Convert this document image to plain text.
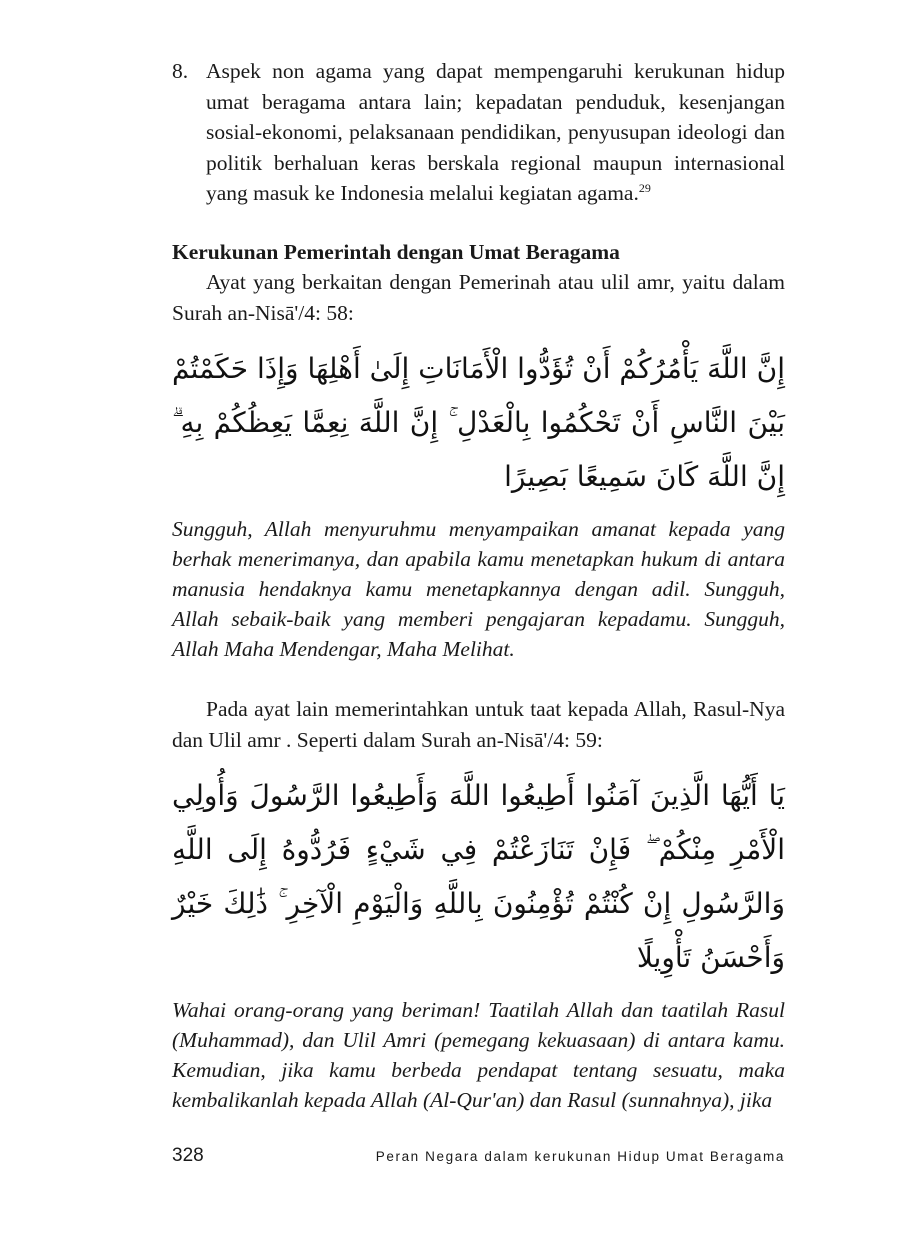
8. Aspek non agama yang dapat mempengaruhi kerukunan hidup umat beragama antara lain; kepadatan penduduk, kesenjangan sosial-ekonomi, pelaksanaan pendidikan, penyusupan ideologi dan politik berhaluan keras berskala regional maupun internasional yang masuk ke Indonesia melalui kegiatan agama.$^{29}$
Kerukunan Pemerintah dengan Umat Beragama
Ayat yang berkaitan dengan Pemerinah atau ulil amr, yaitu dalam Surah an-Nisā'/4: 58:
إِنَّ اللَّهَ يَأْمُرُكُمْ أَنْ تُؤَدُّوا الْأَمَانَاتِ إِلَىٰ أَهْلِهَا وَإِذَا حَكَمْتُمْ بَيْنَ النَّاسِ أَنْ تَحْكُمُوا بِالْعَدْلِ ۚ إِنَّ اللَّهَ نِعِمَّا يَعِظُكُمْ بِهِ ۗ إِنَّ اللَّهَ كَانَ سَمِيعًا بَصِيرًا
Sungguh, Allah menyuruhmu menyampaikan amanat kepada yang berhak menerimanya, dan apabila kamu menetapkan hukum di antara manusia hendaknya kamu menetapkannya dengan adil. Sungguh, Allah sebaik-baik yang memberi pengajaran kepadamu. Sungguh, Allah Maha Mendengar, Maha Melihat.
Pada ayat lain memerintahkan untuk taat kepada Allah, Rasul-Nya dan Ulil amr . Seperti dalam Surah an-Nisā'/4: 59:
يَا أَيُّهَا الَّذِينَ آمَنُوا أَطِيعُوا اللَّهَ وَأَطِيعُوا الرَّسُولَ وَأُولِي الْأَمْرِ مِنْكُمْ ۖ فَإِنْ تَنَازَعْتُمْ فِي شَيْءٍ فَرُدُّوهُ إِلَى اللَّهِ وَالرَّسُولِ إِنْ كُنْتُمْ تُؤْمِنُونَ بِاللَّهِ وَالْيَوْمِ الْآخِرِ ۚ ذَٰلِكَ خَيْرٌ وَأَحْسَنُ تَأْوِيلًا
Wahai orang-orang yang beriman! Taatilah Allah dan taatilah Rasul (Muhammad), dan Ulil Amri (pemegang kekuasaan) di antara kamu. Kemudian, jika kamu berbeda pendapat tentang sesuatu, maka kembalikanlah kepada Allah (Al-Qur'an) dan Rasul (sunnahnya), jika
328	Peran Negara dalam kerukunan Hidup Umat Beragama
